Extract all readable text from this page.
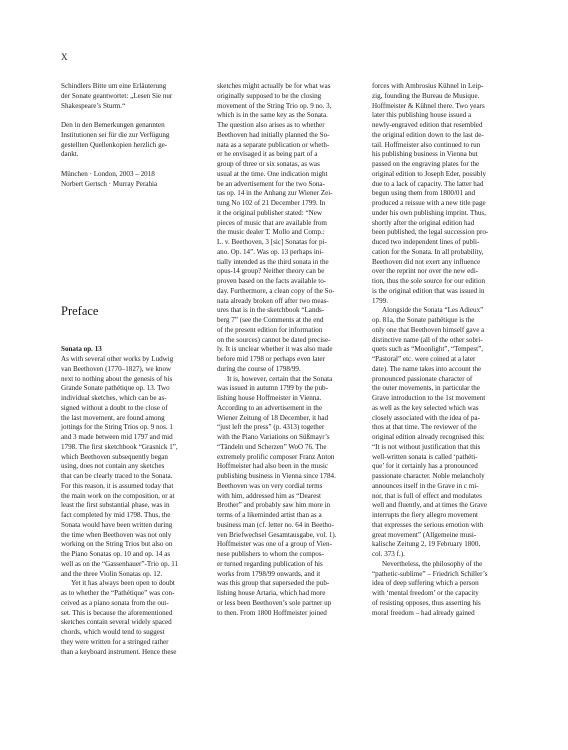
X
Schindlers Bitte um eine Erläuterung
der Sonate geantwortet: „Lesen Sie nur
Shakespeare’s Sturm.“
Den in den Bemerkungen genannten
Institutionen sei für die zur Verfügung
gestellten Quellenkopien herzlich ge-
dankt.

München · London, 2003 – 2018

Norbert Gertsch · Murray Perahia

Preface

Sonata op. 13

As with several other works by Ludwig
van Beethoven (1770–1827), we know
next to nothing about the genesis of his
Grande Sonate pathétique op. 13. Two
individual sketches, which can be as-
signed without a doubt to the close of
the last movement, are found among
jottings for the String Trios op. 9 nos. 1
and 3 made between mid 1797 and mid
1798. The first sketchbook “Grasnick 1”,
which Beethoven subsequently began
using, does not contain any sketches
that can be clearly traced to the Sonata.
For this reason, it is assumed today that
the main work on the composition, or at
least the first substantial phase, was in
fact completed by mid 1798. Thus, the
Sonata would have been written during
the time when Beethoven was not only
working on the String Trios but also on
the Piano Sonatas op. 10 and op. 14 as
well as on the “Gassenhauer”-Trio op. 11
and the three Violin Sonatas op. 12.
Yet it has always been open to doubt
as to whether the “Pathétique” was con-
ceived as a piano sonata from the out-
set. This is because the aforementioned
sketches contain several widely spaced
chords, which would tend to suggest
they were written for a stringed rather
than a keyboard instrument. Hence these
sketches might actually be for what was
originally supposed to be the closing
movement of the String Trio op. 9 no. 3,
which is in the same key as the Sonata.
The question also arises as to whether
Beethoven had initially planned the So-
nata as a separate publication or wheth-
er he envisaged it as being part of a
group of three or six sonatas, as was
usual at the time. One indication might
be an advertisement for the two Sona-
tas op. 14 in the Anhang zur Wiener Zei-
tung No 102 of 21 December 1799. In
it the original publisher stated: “New
pieces of music that are available from
the music dealer T. Mollo and Comp.:
L. v. Beethoven, 3 [sic] Sonatas for pi-
ano. Op. 14”. Was op. 13 perhaps ini-
tially intended as the third sonata in the
opus-14 group? Neither theory can be
proven based on the facts available to-
day. Furthermore, a clean copy of the So-
nata already broken off after two meas-
ures that is in the sketchbook “Lands-
berg 7” (see the Comments at the end
of the present edition for information
on the sources) cannot be dated precise-
ly. It is unclear whether it was also made
before mid 1798 or perhaps even later
during the course of 1798/99.
It is, however, certain that the Sonata
was issued in autumn 1799 by the pub-
lishing house Hoffmeister in Vienna.
According to an advertisement in the
Wiener Zeitung of 18 December, it had
“just left the press” (p. 4313) together
with the Piano Variations on Süßmayr’s
“Tändeln und Scherzen” WoO 76. The
extremely prolific composer Franz Anton
Hoffmeister had also been in the music
publishing business in Vienna since 1784.
Beethoven was on very cordial terms
with him, addressed him as “Dearest
Brother” and probably saw him more in
terms of a likeminded artist than as a
business man (cf. letter no. 64 in Beetho-
ven Briefwechsel Gesamtausgabe, vol. 1).
Hoffmeister was one of a group of Vien-
nese publishers to whom the compos-
er turned regarding publication of his
works from 1798/99 onwards, and it
was this group that superseded the pub-
lishing house Artaria, which had more
or less been Beethoven’s sole partner up
to then. From 1800 Hoffmeister joined
forces with Ambrosius Kühnel in Leip-
zig, founding the Bureau de Musique.
Hoffmeister & Kühnel there. Two years
later this publishing house issued a
newly-engraved edition that resembled
the original edition down to the last de-
tail. Hoffmeister also continued to run
his publishing business in Vienna but
passed on the engraving plates for the
original edition to Joseph Eder, possibly
due to a lack of capacity. The latter had
begun using them from 1800/01 and
produced a reissue with a new title page
under his own publishing imprint. Thus,
shortly after the original edition had
been published, the legal succession pro-
duced two independent lines of publi-
cation for the Sonata. In all probability,
Beethoven did not exert any influence
over the reprint nor over the new edi-
tion, thus the sole source for our edition
is the original edition that was issued in
1799.
Alongside the Sonata “Les Adieux”
op. 81a, the Sonate pathétique is the
only one that Beethoven himself gave a
distinctive name (all of the other sobri-
quets such as “Moonlight”, “Tempest”,
“Pastoral” etc. were coined at a later
date). The name takes into account the
pronounced passionate character of
the outer movements, in particular the
Grave introduction to the 1st movement
as well as the key selected which was
closely associated with the idea of pa-
thos at that time. The reviewer of the
original edition already recognised this:
“It is not without justification that this
well-written sonata is called ‘pathéti-
que’ for it certainly has a pronounced
passionate character. Noble melancholy
announces itself in the Grave in c mi-
nor, that is full of effect and modulates
well and fluently, and at times the Grave
interrupts the fiery allegro movement
that expresses the serious emotion with
great movement” (Allgemeine musi-
kalische Zeitung 2, 19 February 1800,
col. 373 f.).
Nevertheless, the philosophy of the
“pathetic-sublime” – Friedrich Schiller’s
idea of deep suffering which a person
with ‘mental freedom’ or the capacity
of resisting opposes, thus asserting his
moral freedom – had already gained
